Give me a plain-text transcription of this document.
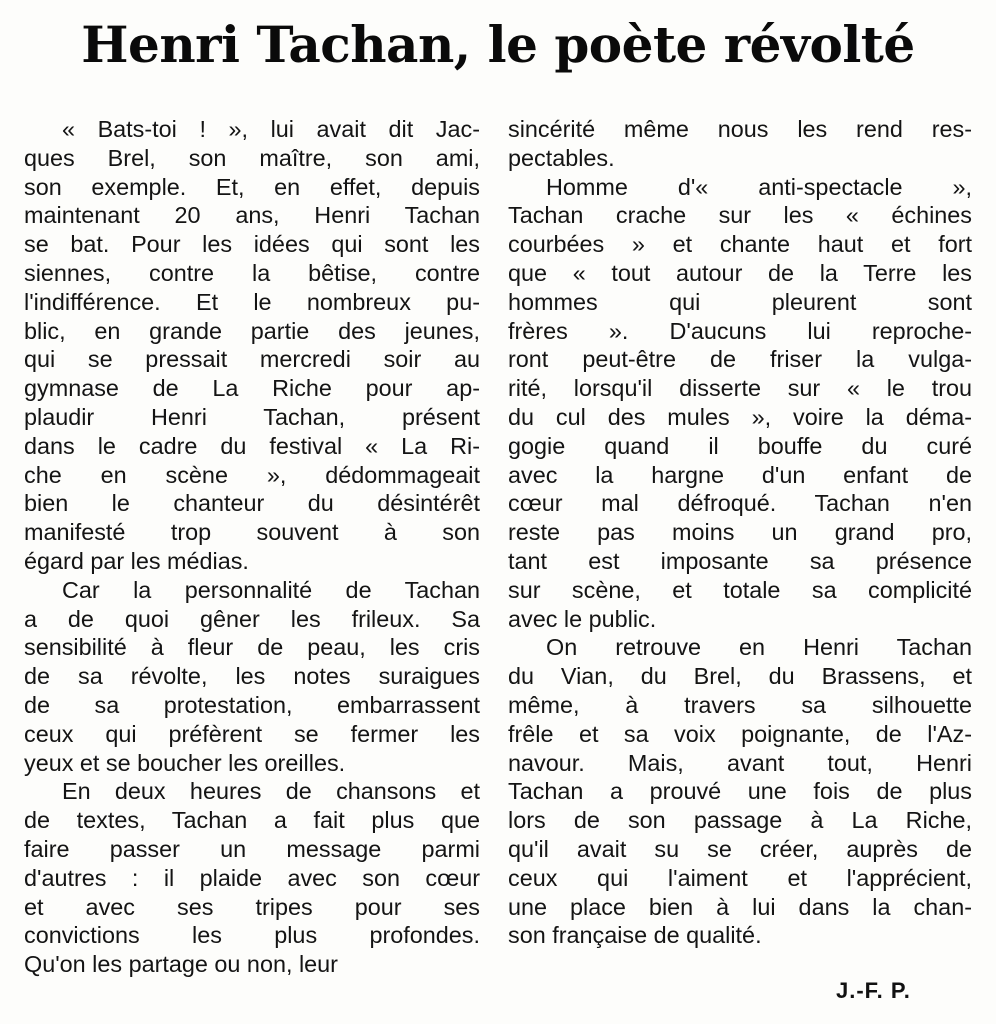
Henri Tachan, le poète révolté
« Bats-toi ! », lui avait dit Jac-
ques Brel, son maître, son ami,
son exemple. Et, en effet, depuis
maintenant 20 ans, Henri Tachan
se bat. Pour les idées qui sont les
siennes, contre la bêtise, contre
l'indifférence. Et le nombreux pu-
blic, en grande partie des jeunes,
qui se pressait mercredi soir au
gymnase de La Riche pour ap-
plaudir Henri Tachan, présent
dans le cadre du festival « La Ri-
che en scène », dédommageait
bien le chanteur du désintérêt
manifesté trop souvent à son
égard par les médias.
Car la personnalité de Tachan
a de quoi gêner les frileux. Sa
sensibilité à fleur de peau, les cris
de sa révolte, les notes suraigues
de sa protestation, embarrassent
ceux qui préfèrent se fermer les
yeux et se boucher les oreilles.
En deux heures de chansons et
de textes, Tachan a fait plus que
faire passer un message parmi
d'autres : il plaide avec son cœur
et avec ses tripes pour ses
convictions les plus profondes.
Qu'on les partage ou non, leur
sincérité même nous les rend res-
pectables.
Homme d'« anti-spectacle »,
Tachan crache sur les « échines
courbées » et chante haut et fort
que « tout autour de la Terre les
hommes qui pleurent sont
frères ». D'aucuns lui reproche-
ront peut-être de friser la vulga-
rité, lorsqu'il disserte sur « le trou
du cul des mules », voire la déma-
gogie quand il bouffe du curé
avec la hargne d'un enfant de
cœur mal défroqué. Tachan n'en
reste pas moins un grand pro,
tant est imposante sa présence
sur scène, et totale sa complicité
avec le public.
On retrouve en Henri Tachan
du Vian, du Brel, du Brassens, et
même, à travers sa silhouette
frêle et sa voix poignante, de l'Az-
navour. Mais, avant tout, Henri
Tachan a prouvé une fois de plus
lors de son passage à La Riche,
qu'il avait su se créer, auprès de
ceux qui l'aiment et l'apprécient,
une place bien à lui dans la chan-
son française de qualité.
J.-F. P.
